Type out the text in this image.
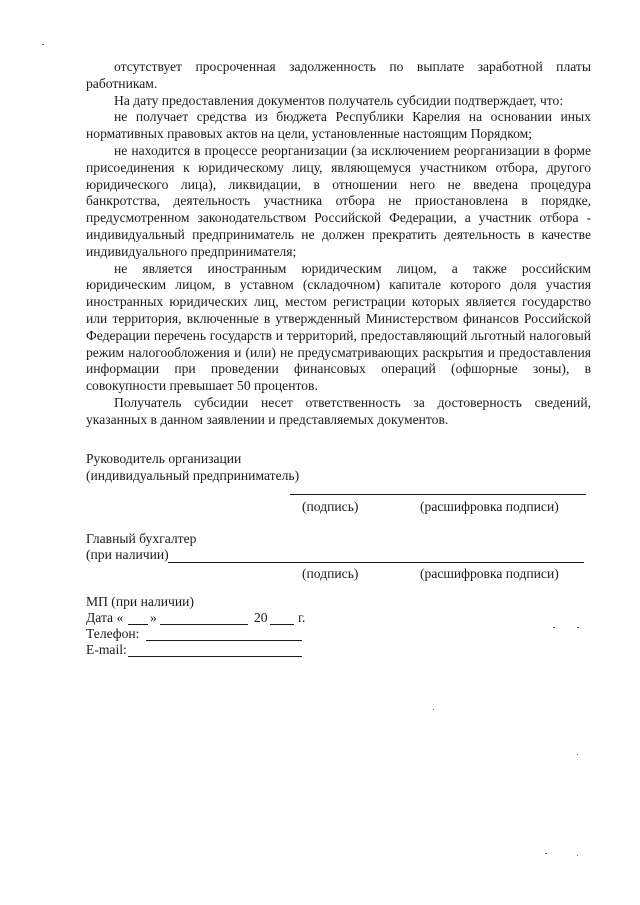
отсутствует просроченная задолженность по выплате заработной платы работникам.

На дату предоставления документов получатель субсидии подтверждает, что:

не получает средства из бюджета Республики Карелия на основании иных нормативных правовых актов на цели, установленные настоящим Порядком;

не находится в процессе реорганизации (за исключением реорганизации в форме присоединения к юридическому лицу, являющемуся участником отбора, другого юридического лица), ликвидации, в отношении него не введена процедура банкротства, деятельность участника отбора не приостановлена в порядке, предусмотренном законодательством Российской Федерации, а участник отбора - индивидуальный предприниматель не должен прекратить деятельность в качестве индивидуального предпринимателя;

не является иностранным юридическим лицом, а также российским юридическим лицом, в уставном (складочном) капитале которого доля участия иностранных юридических лиц, местом регистрации которых является государство или территория, включенные в утвержденный Министерством финансов Российской Федерации перечень государств и территорий, предоставляющий льготный налоговый режим налогообложения и (или) не предусматривающих раскрытия и предоставления информации при проведении финансовых операций (офшорные зоны), в совокупности превышает 50 процентов.

Получатель субсидии несет ответственность за достоверность сведений, указанных в данном заявлении и представляемых документов.

Руководитель организации
(индивидуальный предприниматель)
(подпись)	(расшифровка подписи)
Главный бухгалтер
(при наличии)
(подпись)	(расшифровка подписи)
МП (при наличии)
Дата « »	20 г.
Телефон:
E-mail:
